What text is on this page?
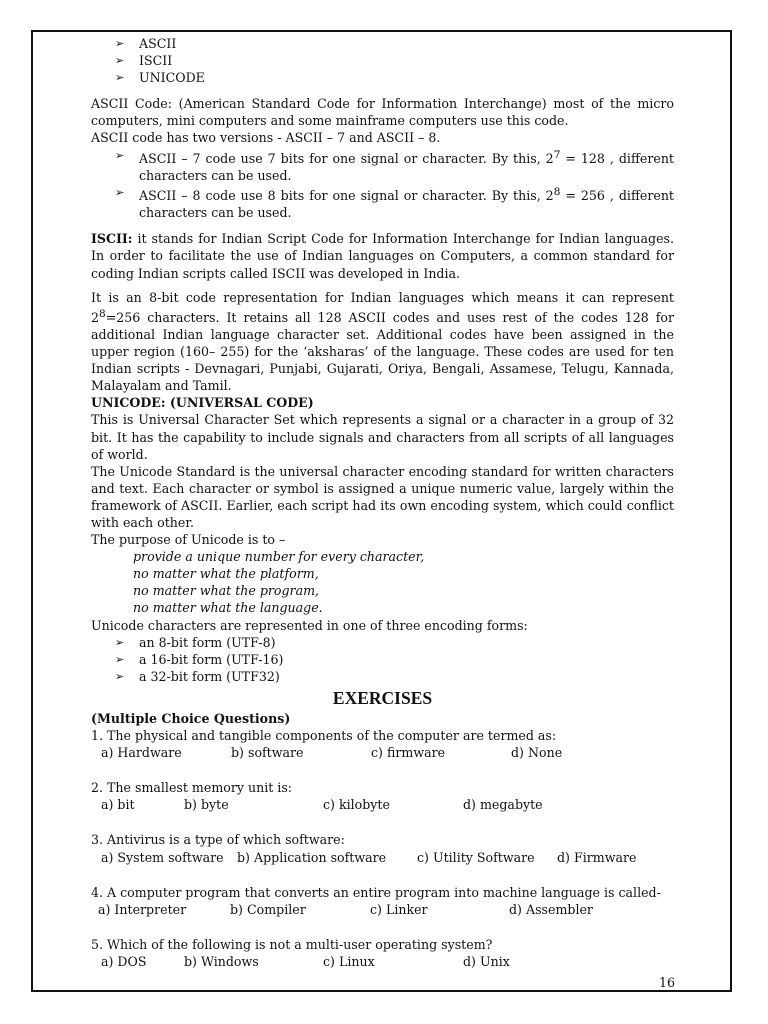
➢ ASCII
➢ ISCII
➢ UNICODE

ASCII Code: (American Standard Code for Information Interchange) most of the micro computers, mini computers and some mainframe computers use this code.

ASCII code has two versions - ASCII – 7 and ASCII – 8.

➢ ASCII – 7 code use 7 bits for one signal or character. By this, $2^7 = 128$ , different characters can be used.
➢ ASCII – 8 code use 8 bits for one signal or character. By this, $2^8 = 256$ , different characters can be used.

ISCII: it stands for Indian Script Code for Information Interchange for Indian languages. In order to facilitate the use of Indian languages on Computers, a common standard for coding Indian scripts called ISCII was developed in India.

It is an 8-bit code representation for Indian languages which means it can represent $2^8=256$ characters. It retains all 128 ASCII codes and uses rest of the codes 128 for additional Indian language character set. Additional codes have been assigned in the upper region (160– 255) for the ‘aksharas’ of the language. These codes are used for ten Indian scripts - Devnagari, Punjabi, Gujarati, Oriya, Bengali, Assamese, Telugu, Kannada, Malayalam and Tamil.

UNICODE: (UNIVERSAL CODE)

This is Universal Character Set which represents a signal or a character in a group of 32 bit. It has the capability to include signals and characters from all scripts of all languages of world.

The Unicode Standard is the universal character encoding standard for written characters and text. Each character or symbol is assigned a unique numeric value, largely within the framework of ASCII. Earlier, each script had its own encoding system, which could conflict with each other.

The purpose of Unicode is to –

provide a unique number for every character,
no matter what the platform,
no matter what the program,
no matter what the language.

Unicode characters are represented in one of three encoding forms:

➢ an 8-bit form (UTF-8)
➢ a 16-bit form (UTF-16)
➢ a 32-bit form (UTF32)
EXERCISES

(Multiple Choice Questions)

1. The physical and tangible components of the computer are termed as:

a) Hardware	b) software	c) firmware	d) None

2. The smallest memory unit is:

a) bit	b) byte	c) kilobyte	d) megabyte

3. Antivirus is a type of which software:

a) System software	b) Application software	c) Utility Software	d) Firmware

4. A computer program that converts an entire program into machine language is called-

a) Interpreter	b) Compiler	c) Linker	d) Assembler

5. Which of the following is not a multi-user operating system?

a) DOS	b) Windows	c) Linux	d) Unix
16
